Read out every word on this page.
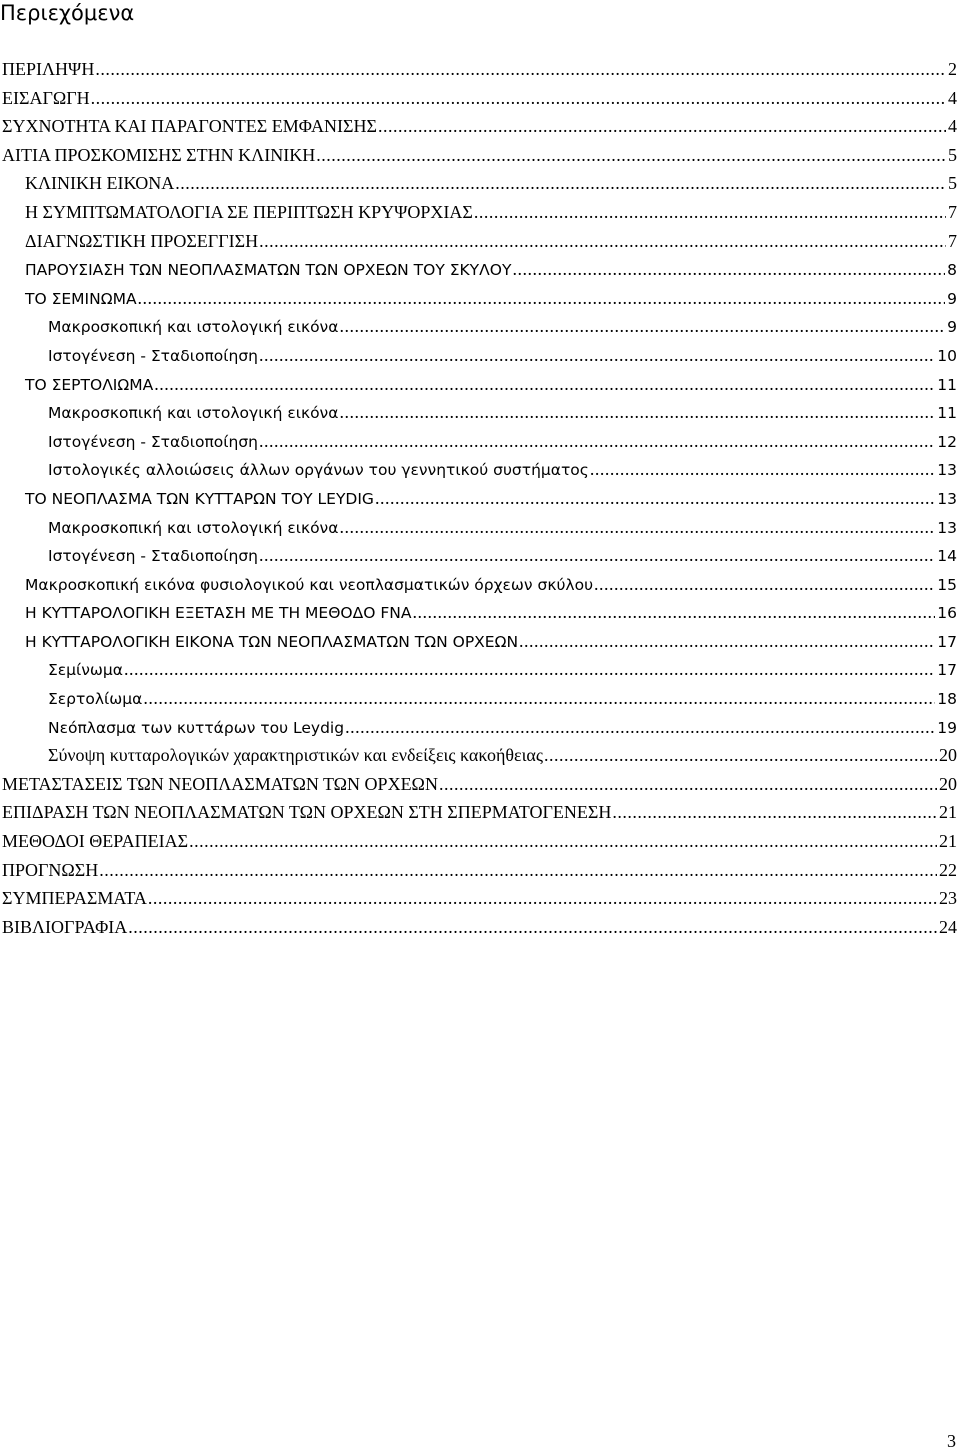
Περιεχόμενα
ΠΕΡΙΛΗΨΗ .....	2
ΕΙΣΑΓΩΓΗ .....	4
ΣΥΧΝΟΤΗΤΑ ΚΑΙ ΠΑΡΑΓΟΝΤΕΣ ΕΜΦΑΝΙΣΗΣ .....	4
ΑΙΤΙΑ ΠΡΟΣΚΟΜΙΣΗΣ ΣΤΗΝ ΚΛΙΝΙΚΗ .....	5
ΚΛΙΝΙΚΗ ΕΙΚΟΝΑ .....	5
Η ΣΥΜΠΤΩΜΑΤΟΛΟΓΙΑ ΣΕ ΠΕΡΙΠΤΩΣΗ ΚΡΥΨΟΡΧΙΑΣ .....	7
ΔΙΑΓΝΩΣΤΙΚΗ ΠΡΟΣΕΓΓΙΣΗ .....	7
ΠΑΡΟΥΣΙΑΣΗ ΤΩΝ ΝΕΟΠΛΑΣΜΑΤΩΝ ΤΩΝ ΟΡΧΕΩΝ ΤΟΥ ΣΚΥΛΟΥ .....	8
ΤΟ ΣΕΜΙΝΩΜΑ .....	9
Μακροσκοπική και ιστολογική εικόνα .....	9
Ιστογένεση - Σταδιοποίηση .....	10
ΤΟ ΣΕΡΤΟΛΙΩΜΑ .....	11
Μακροσκοπική και ιστολογική εικόνα .....	11
Ιστογένεση - Σταδιοποίηση .....	12
Ιστολογικές αλλοιώσεις άλλων οργάνων του γεννητικού συστήματος .....	13
ΤΟ ΝΕΟΠΛΑΣΜΑ ΤΩΝ ΚΥΤΤΑΡΩΝ ΤΟΥ LEYDIG .....	13
Μακροσκοπική και ιστολογική εικόνα .....	13
Ιστογένεση - Σταδιοποίηση .....	14
Μακροσκοπική εικόνα φυσιολογικού και νεοπλασματικών όρχεων σκύλου .....	15
Η ΚΥΤΤΑΡΟΛΟΓΙΚΗ ΕΞΕΤΑΣΗ ΜΕ ΤΗ ΜΕΘΟΔΟ FNA .....	16
Η ΚΥΤΤΑΡΟΛΟΓΙΚΗ ΕΙΚΟΝΑ ΤΩΝ ΝΕΟΠΛΑΣΜΑΤΩΝ ΤΩΝ ΟΡΧΕΩΝ .....	17
Σεμίνωμα .....	17
Σερτολίωμα .....	18
Νεόπλασμα των κυττάρων του Leydig .....	19
Σύνοψη κυτταρολογικών χαρακτηριστικών και ενδείξεις κακοήθειας .....	20
ΜΕΤΑΣΤΑΣΕΙΣ ΤΩΝ ΝΕΟΠΛΑΣΜΑΤΩΝ ΤΩΝ ΟΡΧΕΩΝ .....	20
ΕΠΙΔΡΑΣΗ ΤΩΝ ΝΕΟΠΛΑΣΜΑΤΩΝ ΤΩΝ ΟΡΧΕΩΝ ΣΤΗ ΣΠΕΡΜΑΤΟΓΕΝΕΣΗ .....	21
ΜΕΘΟΔΟΙ ΘΕΡΑΠΕΙΑΣ .....	21
ΠΡΟΓΝΩΣΗ .....	22
ΣΥΜΠΕΡΑΣΜΑΤΑ .....	23
ΒΙΒΛΙΟΓΡΑΦΙΑ .....	24
3
